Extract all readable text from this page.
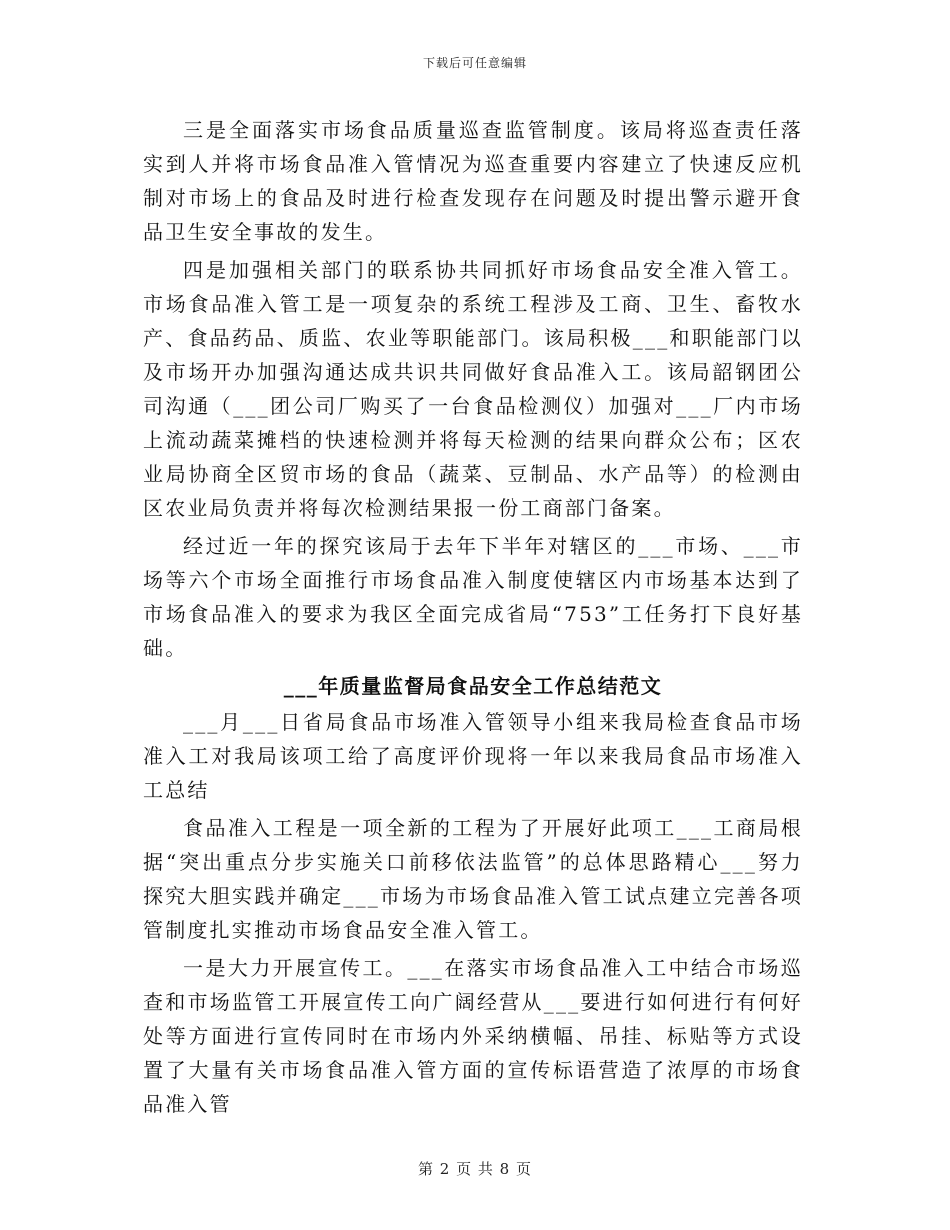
下载后可任意编辑

三是全面落实市场食品质量巡查监管制度。该局将巡查责任落实到人并将市场食品准入管情况为巡查重要内容建立了快速反应机制对市场上的食品及时进行检查发现存在问题及时提出警示避开食品卫生安全事故的发生。

四是加强相关部门的联系协共同抓好市场食品安全准入管工。市场食品准入管工是一项复杂的系统工程涉及工商、卫生、畜牧水产、食品药品、质监、农业等职能部门。该局积极___和职能部门以及市场开办加强沟通达成共识共同做好食品准入工。该局韶钢团公司沟通（___团公司厂购买了一台食品检测仪）加强对___厂内市场上流动蔬菜摊档的快速检测并将每天检测的结果向群众公布；区农业局协商全区贸市场的食品（蔬菜、豆制品、水产品等）的检测由区农业局负责并将每次检测结果报一份工商部门备案。

经过近一年的探究该局于去年下半年对辖区的___市场、___市场等六个市场全面推行市场食品准入制度使辖区内市场基本达到了市场食品准入的要求为我区全面完成省局“753”工任务打下良好基础。

___年质量监督局食品安全工作总结范文

___月___日省局食品市场准入管领导小组来我局检查食品市场准入工对我局该项工给了高度评价现将一年以来我局食品市场准入工总结

食品准入工程是一项全新的工程为了开展好此项工___工商局根据“突出重点分步实施关口前移依法监管”的总体思路精心___努力探究大胆实践并确定___市场为市场食品准入管工试点建立完善各项管制度扎实推动市场食品安全准入管工。

一是大力开展宣传工。___在落实市场食品准入工中结合市场巡查和市场监管工开展宣传工向广阔经营从___要进行如何进行有何好处等方面进行宣传同时在市场内外采纳横幅、吊挂、标贴等方式设置了大量有关市场食品准入管方面的宣传标语营造了浓厚的市场食品准入管

第 2 页 共 8 页
